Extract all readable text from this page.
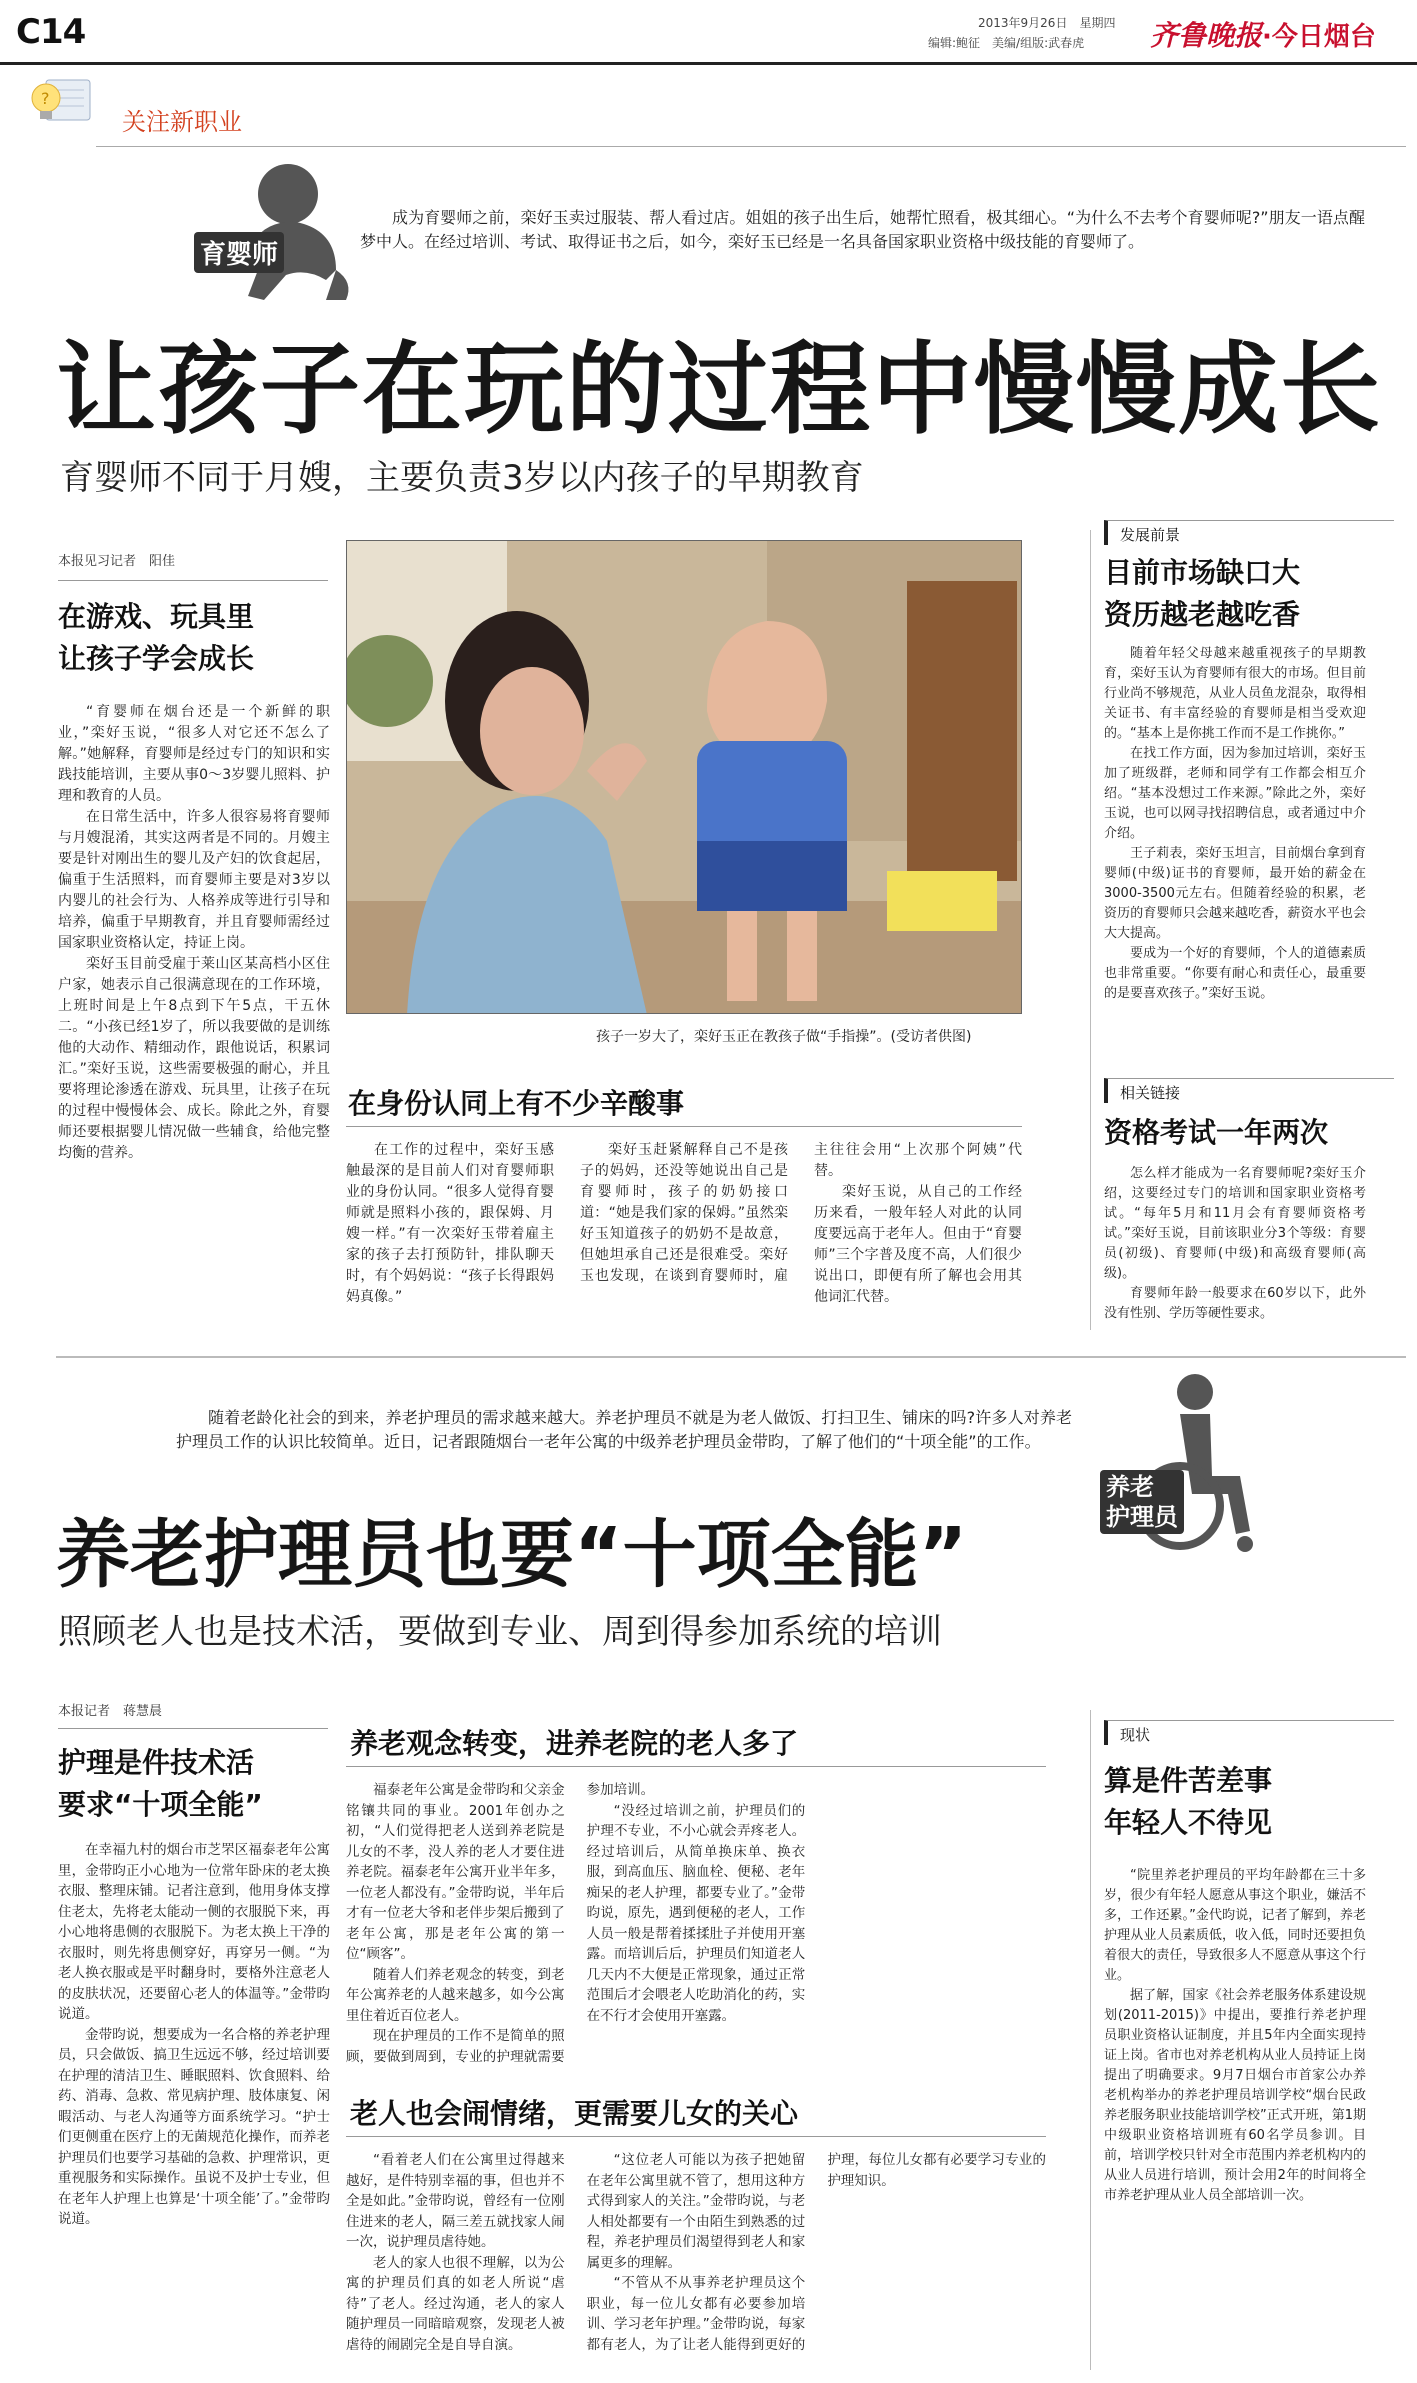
C14	2013年9月26日　星期四
编辑:鲍征　美编/组版:武春虎 齐鲁晚报·今日烟台
?
关注新职业
育婴师
成为育婴师之前，栾好玉卖过服装、帮人看过店。姐姐的孩子出生后，她帮忙照看，极其细心。“为什么不去考个育婴师呢?”朋友一语点醒梦中人。在经过培训、考试、取得证书之后，如今，栾好玉已经是一名具备国家职业资格中级技能的育婴师了。
让孩子在玩的过程中慢慢成长
育婴师不同于月嫂，主要负责3岁以内孩子的早期教育
本报见习记者　阳佳
在游戏、玩具里
让孩子学会成长

“育婴师在烟台还是一个新鲜的职业，”栾好玉说，“很多人对它还不怎么了解。”她解释，育婴师是经过专门的知识和实践技能培训，主要从事0～3岁婴儿照料、护理和教育的人员。

在日常生活中，许多人很容易将育婴师与月嫂混淆，其实这两者是不同的。月嫂主要是针对刚出生的婴儿及产妇的饮食起居，偏重于生活照料，而育婴师主要是对3岁以内婴儿的社会行为、人格养成等进行引导和培养，偏重于早期教育，并且育婴师需经过国家职业资格认定，持证上岗。

栾好玉目前受雇于莱山区某高档小区住户家，她表示自己很满意现在的工作环境，上班时间是上午8点到下午5点，干五休二。“小孩已经1岁了，所以我要做的是训练他的大动作、精细动作，跟他说话，积累词汇。”栾好玉说，这些需要极强的耐心，并且要将理论渗透在游戏、玩具里，让孩子在玩的过程中慢慢体会、成长。除此之外，育婴师还要根据婴儿情况做一些辅食，给他完整均衡的营养。

孩子一岁大了，栾好玉正在教孩子做“手指操”。(受访者供图)
在身份认同上有不少辛酸事

在工作的过程中，栾好玉感触最深的是目前人们对育婴师职业的身份认同。“很多人觉得育婴师就是照料小孩的，跟保姆、月嫂一样。”有一次栾好玉带着雇主家的孩子去打预防针，排队聊天时，有个妈妈说：“孩子长得跟妈妈真像。”

栾好玉赶紧解释自己不是孩子的妈妈，还没等她说出自己是育婴师时，孩子的奶奶接口道：“她是我们家的保姆。”虽然栾好玉知道孩子的奶奶不是故意，但她坦承自己还是很难受。栾好玉也发现，在谈到育婴师时，雇主往往会用“上次那个阿姨”代替。

栾好玉说，从自己的工作经历来看，一般年轻人对此的认同度要远高于老年人。但由于“育婴师”三个字普及度不高，人们很少说出口，即便有所了解也会用其他词汇代替。

发展前景
目前市场缺口大
资历越老越吃香

随着年轻父母越来越重视孩子的早期教育，栾好玉认为育婴师有很大的市场。但目前行业尚不够规范，从业人员鱼龙混杂，取得相关证书、有丰富经验的育婴师是相当受欢迎的。“基本上是你挑工作而不是工作挑你。”

在找工作方面，因为参加过培训，栾好玉加了班级群，老师和同学有工作都会相互介绍。“基本没想过工作来源。”除此之外，栾好玉说，也可以网寻找招聘信息，或者通过中介介绍。

王子莉表，栾好玉坦言，目前烟台拿到育婴师(中级)证书的育婴师，最开始的薪金在3000-3500元左右。但随着经验的积累，老资历的育婴师只会越来越吃香，薪资水平也会大大提高。

要成为一个好的育婴师，个人的道德素质也非常重要。“你要有耐心和责任心，最重要的是要喜欢孩子。”栾好玉说。

相关链接
资格考试一年两次

怎么样才能成为一名育婴师呢?栾好玉介绍，这要经过专门的培训和国家职业资格考试。“每年5月和11月会有育婴师资格考试。”栾好玉说，目前该职业分3个等级：育婴员(初级)、育婴师(中级)和高级育婴师(高级)。

育婴师年龄一般要求在60岁以下，此外没有性别、学历等硬性要求。

随着老龄化社会的到来，养老护理员的需求越来越大。养老护理员不就是为老人做饭、打扫卫生、铺床的吗?许多人对养老护理员工作的认识比较简单。近日，记者跟随烟台一老年公寓的中级养老护理员金带昀，了解了他们的“十项全能”的工作。
养老
护理员
养老护理员也要“十项全能”
照顾老人也是技术活，要做到专业、周到得参加系统的培训
本报记者　蒋慧晨
护理是件技术活
要求“十项全能”

在幸福九村的烟台市芝罘区福泰老年公寓里，金带昀正小心地为一位常年卧床的老太换衣服、整理床铺。记者注意到，他用身体支撑住老太，先将老太能动一侧的衣服脱下来，再小心地将患侧的衣服脱下。为老太换上干净的衣服时，则先将患侧穿好，再穿另一侧。“为老人换衣服或是平时翻身时，要格外注意老人的皮肤状况，还要留心老人的体温等。”金带昀说道。

金带昀说，想要成为一名合格的养老护理员，只会做饭、搞卫生远远不够，经过培训要在护理的清洁卫生、睡眠照料、饮食照料、给药、消毒、急救、常见病护理、肢体康复、闲暇活动、与老人沟通等方面系统学习。“护士们更侧重在医疗上的无菌规范化操作，而养老护理员们也要学习基础的急救、护理常识，更重视服务和实际操作。虽说不及护士专业，但在老年人护理上也算是‘十项全能’了。”金带昀说道。

养老观念转变，进养老院的老人多了

福泰老年公寓是金带昀和父亲金铭镶共同的事业。2001年创办之初，“人们觉得把老人送到养老院是儿女的不孝，没人养的老人才要住进养老院。福泰老年公寓开业半年多，一位老人都没有。”金带昀说，半年后才有一位老大爷和老伴步架后搬到了老年公寓，那是老年公寓的第一位“顾客”。

随着人们养老观念的转变，到老年公寓养老的人越来越多，如今公寓里住着近百位老人。

现在护理员的工作不是简单的照顾，要做到周到，专业的护理就需要参加培训。

“没经过培训之前，护理员们的护理不专业，不小心就会弄疼老人。经过培训后，从简单换床单、换衣服，到高血压、脑血栓、便秘、老年痴呆的老人护理，都要专业了。”金带昀说，原先，遇到便秘的老人，工作人员一般是帮着揉揉肚子并使用开塞露。而培训后后，护理员们知道老人几天内不大便是正常现象，通过正常范围后才会喂老人吃助消化的药，实在不行才会使用开塞露。

老人也会闹情绪，更需要儿女的关心

“看着老人们在公寓里过得越来越好，是件特别幸福的事，但也并不全是如此。”金带昀说，曾经有一位刚住进来的老人，隔三差五就找家人闹一次，说护理员虐待她。

老人的家人也很不理解，以为公寓的护理员们真的如老人所说“虐待”了老人。经过沟通，老人的家人随护理员一同暗暗观察，发现老人被虐待的闹剧完全是自导自演。

“这位老人可能以为孩子把她留在老年公寓里就不管了，想用这种方式得到家人的关注。”金带昀说，与老人相处都要有一个由陌生到熟悉的过程，养老护理员们渴望得到老人和家属更多的理解。

“不管从不从事养老护理员这个职业，每一位儿女都有必要参加培训、学习老年护理。”金带昀说，每家都有老人，为了让老人能得到更好的护理，每位儿女都有必要学习专业的护理知识。

现状
算是件苦差事
年轻人不待见

“院里养老护理员的平均年龄都在三十多岁，很少有年轻人愿意从事这个职业，嫌活不多，工作还累。”金代昀说，记者了解到，养老护理从业人员素质低，收入低，同时还要担负着很大的责任，导致很多人不愿意从事这个行业。

据了解，国家《社会养老服务体系建设规划(2011-2015)》中提出，要推行养老护理员职业资格认证制度，并且5年内全面实现持证上岗。省市也对养老机构从业人员持证上岗提出了明确要求。9月7日烟台市首家公办养老机构举办的养老护理员培训学校“烟台民政养老服务职业技能培训学校”正式开班，第1期中级职业资格培训班有60名学员参训。目前，培训学校只针对全市范围内养老机构内的从业人员进行培训，预计会用2年的时间将全市养老护理从业人员全部培训一次。
